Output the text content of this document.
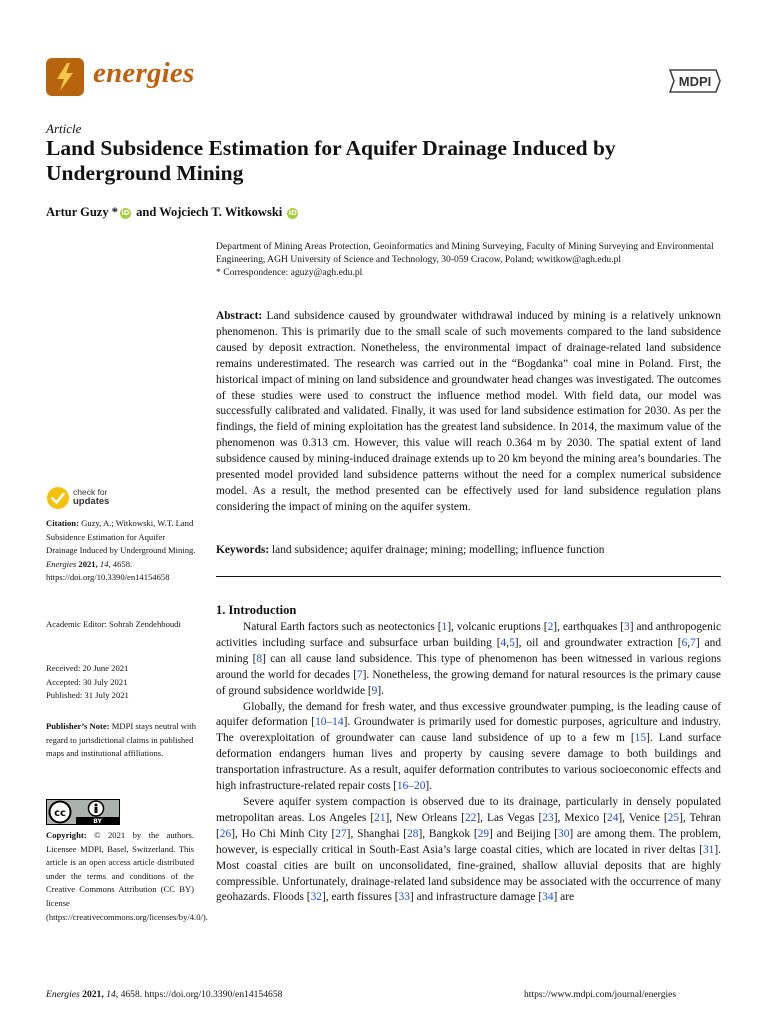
energies	MDPI
Article
Land Subsidence Estimation for Aquifer Drainage Induced by Underground Mining
Artur Guzy * iD and Wojciech T. Witkowski iD
Department of Mining Areas Protection, Geoinformatics and Mining Surveying, Faculty of Mining Surveying and Environmental Engineering, AGH University of Science and Technology, 30-059 Cracow, Poland; wwitkow@agh.edu.pl
* Correspondence: aguzy@agh.edu.pl
Abstract: Land subsidence caused by groundwater withdrawal induced by mining is a relatively unknown phenomenon. This is primarily due to the small scale of such movements compared to the land subsidence caused by deposit extraction. Nonetheless, the environmental impact of drainage-related land subsidence remains underestimated. The research was carried out in the “Bogdanka” coal mine in Poland. First, the historical impact of mining on land subsidence and groundwater head changes was investigated. The outcomes of these studies were used to construct the influence method model. With field data, our model was successfully calibrated and validated. Finally, it was used for land subsidence estimation for 2030. As per the findings, the field of mining exploitation has the greatest land subsidence. In 2014, the maximum value of the phenomenon was 0.313 cm. However, this value will reach 0.364 m by 2030. The spatial extent of land subsidence caused by mining-induced drainage extends up to 20 km beyond the mining area’s boundaries. The presented model provided land subsidence patterns without the need for a complex numerical subsidence model. As a result, the method presented can be effectively used for land subsidence regulation plans considering the impact of mining on the aquifer system.
Keywords: land subsidence; aquifer drainage; mining; modelling; influence function
check for
updates
Citation: Guzy, A.; Witkowski, W.T. Land Subsidence Estimation for Aquifer Drainage Induced by Underground Mining. Energies 2021, 14, 4658. https://doi.org/10.3390/en14154658
Academic Editor: Sohrab Zendehboudi
Received: 20 June 2021
Accepted: 30 July 2021
Published: 31 July 2021
Publisher’s Note: MDPI stays neutral with regard to jurisdictional claims in published maps and institutional affiliations.
cc
BY
Copyright: © 2021 by the authors. Licensee MDPI, Basel, Switzerland. This article is an open access article distributed under the terms and conditions of the Creative Commons Attribution (CC BY) license (https://creativecommons.org/licenses/by/4.0/).
1. Introduction

Natural Earth factors such as neotectonics [1], volcanic eruptions [2], earthquakes [3] and anthropogenic activities including surface and subsurface urban building [4,5], oil and groundwater extraction [6,7] and mining [8] can all cause land subsidence. This type of phenomenon has been witnessed in various regions around the world for decades [7]. Nonetheless, the growing demand for natural resources is the primary cause of ground subsidence worldwide [9].

Globally, the demand for fresh water, and thus excessive groundwater pumping, is the leading cause of aquifer deformation [10–14]. Groundwater is primarily used for domestic purposes, agriculture and industry. The overexploitation of groundwater can cause land subsidence of up to a few m [15]. Land surface deformation endangers human lives and property by causing severe damage to both buildings and transportation infrastructure. As a result, aquifer deformation contributes to various socioeconomic effects and high infrastructure-related repair costs [16–20].

Severe aquifer system compaction is observed due to its drainage, particularly in densely populated metropolitan areas. Los Angeles [21], New Orleans [22], Las Vegas [23], Mexico [24], Venice [25], Tehran [26], Ho Chi Minh City [27], Shanghai [28], Bangkok [29] and Beijing [30] are among them. The problem, however, is especially critical in South-East Asia’s large coastal cities, which are located in river deltas [31]. Most coastal cities are built on unconsolidated, fine-grained, shallow alluvial deposits that are highly compressible. Unfortunately, drainage-related land subsidence may be associated with the occurrence of many geohazards. Floods [32], earth fissures [33] and infrastructure damage [34] are

Energies 2021, 14, 4658. https://doi.org/10.3390/en14154658	https://www.mdpi.com/journal/energies
